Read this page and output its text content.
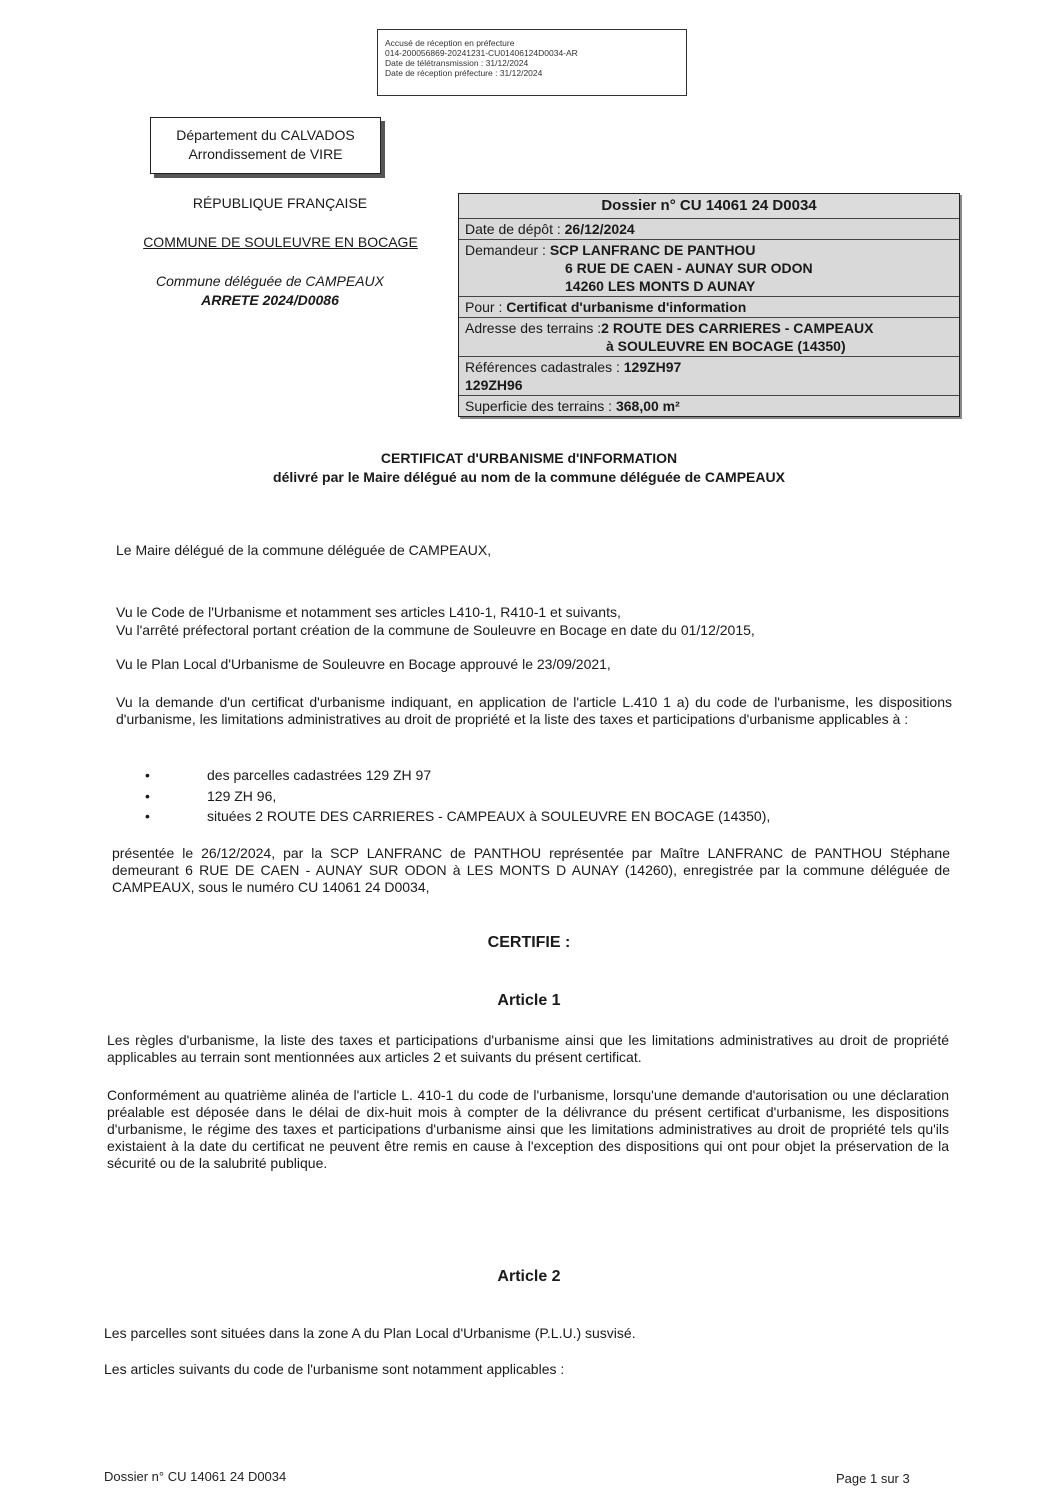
Accusé de réception en préfecture
014-200056869-20241231-CU01406124D0034-AR
Date de télétransmission : 31/12/2024
Date de réception préfecture : 31/12/2024
Département du CALVADOS
Arrondissement de VIRE
RÉPUBLIQUE FRANÇAISE
COMMUNE DE SOULEUVRE EN BOCAGE
Commune déléguée de CAMPEAUX
ARRETE 2024/D0086
Dossier n° CU 14061 24 D0034
Date de dépôt : 26/12/2024
Demandeur : SCP LANFRANC DE PANTHOU
6 RUE DE CAEN - AUNAY SUR ODON
14260 LES MONTS D AUNAY
Pour : Certificat d'urbanisme d'information
Adresse des terrains :2 ROUTE DES CARRIERES - CAMPEAUX
à SOULEUVRE EN BOCAGE (14350)
Références cadastrales : 129ZH97
129ZH96
Superficie des terrains : 368,00 m²
CERTIFICAT d'URBANISME d'INFORMATION
délivré par le Maire délégué au nom de la commune déléguée de CAMPEAUX
Le Maire délégué de la commune déléguée de CAMPEAUX,
Vu le Code de l'Urbanisme et notamment ses articles L410-1, R410-1 et suivants,
Vu l'arrêté préfectoral portant création de la commune de Souleuvre en Bocage en date du 01/12/2015,
Vu le Plan Local d'Urbanisme de Souleuvre en Bocage approuvé le 23/09/2021,
Vu la demande d'un certificat d'urbanisme indiquant, en application de l'article L.410 1 a) du code de l'urbanisme, les dispositions d'urbanisme, les limitations administratives au droit de propriété et la liste des taxes et participations d'urbanisme applicables à :
•	des parcelles cadastrées 129 ZH 97
•	129 ZH 96,
•	situées 2 ROUTE DES CARRIERES - CAMPEAUX à SOULEUVRE EN BOCAGE (14350),
présentée le 26/12/2024, par la SCP LANFRANC de PANTHOU représentée par Maître LANFRANC de PANTHOU Stéphane demeurant 6 RUE DE CAEN - AUNAY SUR ODON à LES MONTS D AUNAY (14260), enregistrée par la commune déléguée de CAMPEAUX, sous le numéro CU 14061 24 D0034,
CERTIFIE :
Article 1
Les règles d'urbanisme, la liste des taxes et participations d'urbanisme ainsi que les limitations administratives au droit de propriété applicables au terrain sont mentionnées aux articles 2 et suivants du présent certificat.
Conformément au quatrième alinéa de l'article L. 410-1 du code de l'urbanisme, lorsqu'une demande d'autorisation ou une déclaration préalable est déposée dans le délai de dix-huit mois à compter de la délivrance du présent certificat d'urbanisme, les dispositions d'urbanisme, le régime des taxes et participations d'urbanisme ainsi que les limitations administratives au droit de propriété tels qu'ils existaient à la date du certificat ne peuvent être remis en cause à l'exception des dispositions qui ont pour objet la préservation de la sécurité ou de la salubrité publique.
Article 2
Les parcelles sont situées dans la zone A du Plan Local d'Urbanisme (P.L.U.) susvisé.
Les articles suivants du code de l'urbanisme sont notamment applicables :
Dossier n° CU 14061 24 D0034	Page 1 sur 3
